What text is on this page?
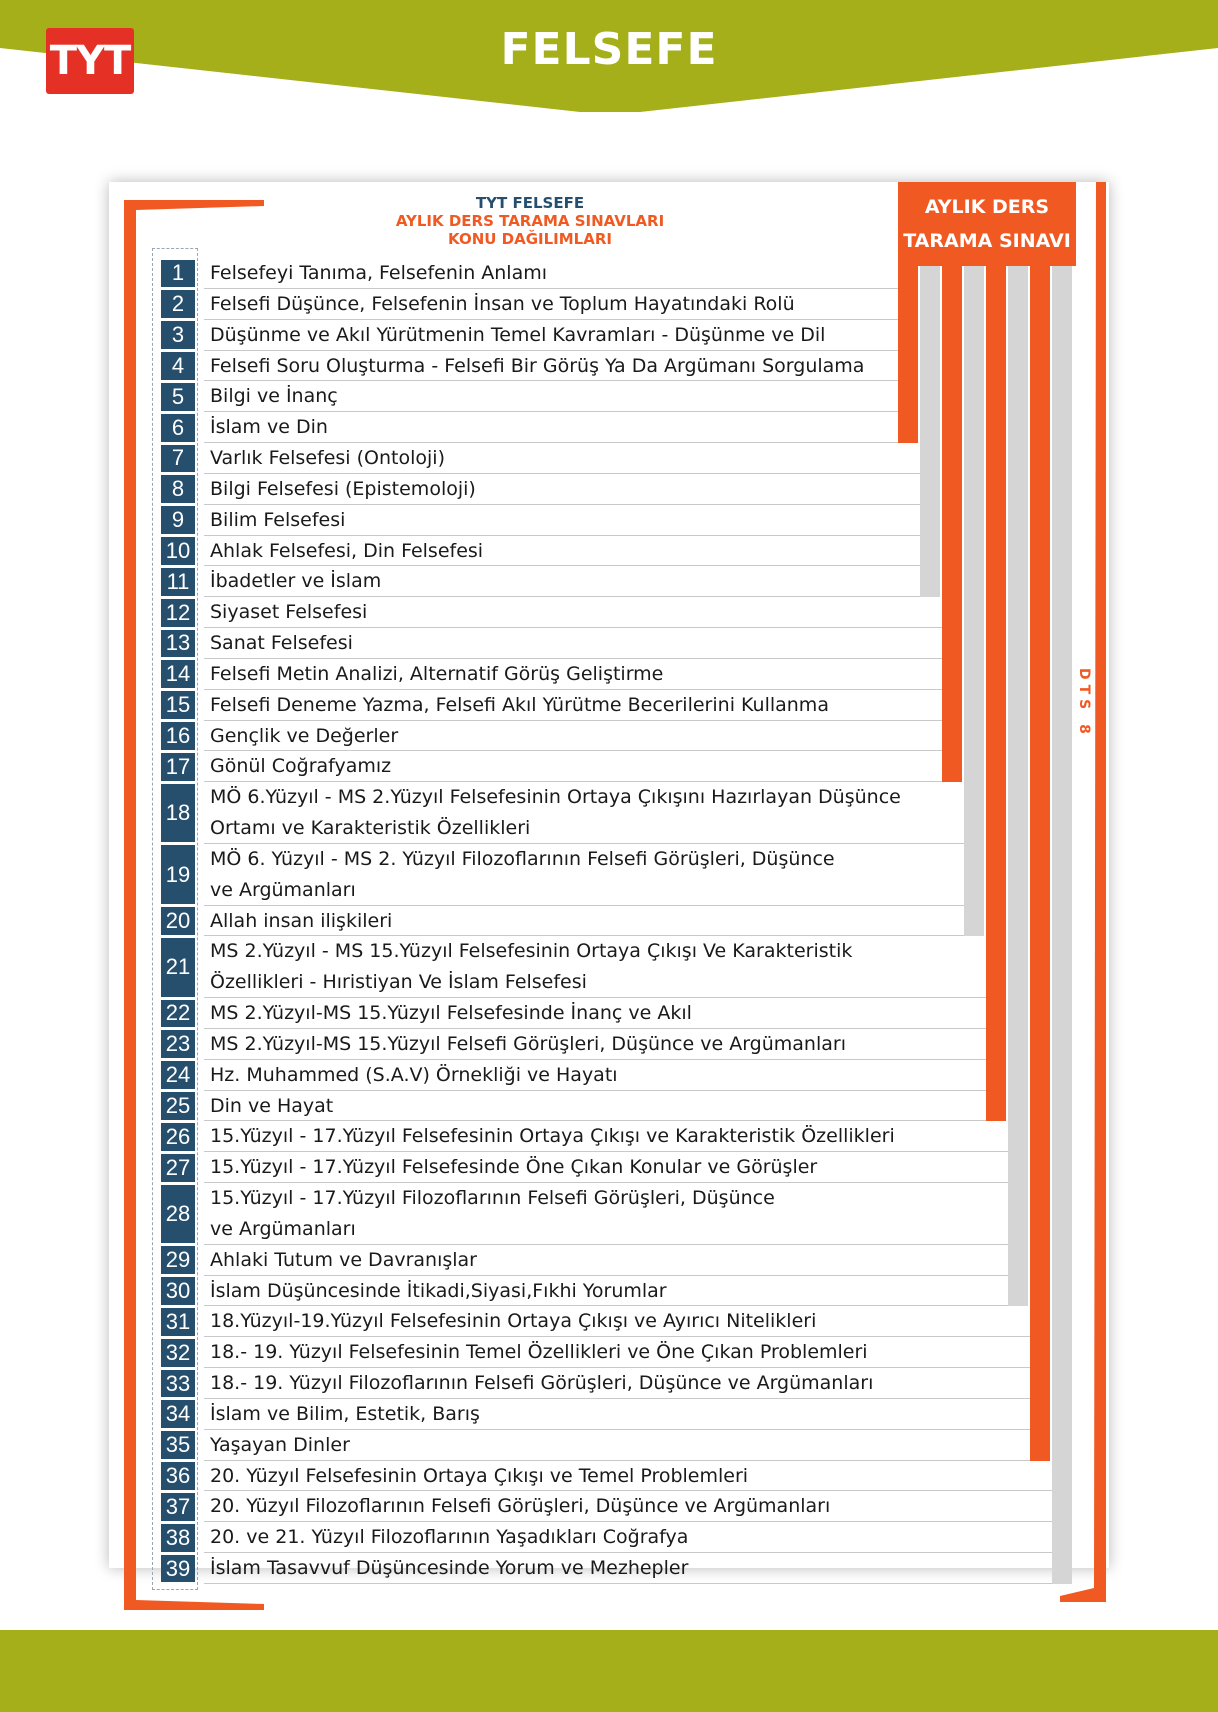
TYT	FELSEFE
TYT FELSEFE
AYLIK DERS TARAMA SINAVLARI
KONU DAĞILIMLARI
AYLIK DERS
TARAMA SINAVI
1	Felsefeyi Tanıma, Felsefenin Anlamı
2	Felsefi Düşünce, Felsefenin İnsan ve Toplum Hayatındaki Rolü
3	Düşünme ve Akıl Yürütmenin Temel Kavramları - Düşünme ve Dil
4	Felsefi Soru Oluşturma - Felsefi Bir Görüş Ya Da Argümanı Sorgulama
5	Bilgi ve İnanç
6	İslam ve Din
7	Varlık Felsefesi (Ontoloji)
8	Bilgi Felsefesi (Epistemoloji)
9	Bilim Felsefesi
10 Ahlak Felsefesi, Din Felsefesi
11 İbadetler ve İslam
12 Siyaset Felsefesi
13 Sanat Felsefesi
14 Felsefi Metin Analizi, Alternatif Görüş Geliştirme
15 Felsefi Deneme Yazma, Felsefi Akıl Yürütme Becerilerini Kullanma
16 Gençlik ve Değerler
17 Gönül Coğrafyamız
18
MÖ 6.Yüzyıl - MS 2.Yüzyıl Felsefesinin Ortaya Çıkışını Hazırlayan Düşünce
Ortamı ve Karakteristik Özellikleri
19
MÖ 6. Yüzyıl - MS 2. Yüzyıl Filozoflarının Felsefi Görüşleri, Düşünce
ve Argümanları
20 Allah insan ilişkileri
21
MS 2.Yüzyıl - MS 15.Yüzyıl Felsefesinin Ortaya Çıkışı Ve Karakteristik
Özellikleri - Hıristiyan Ve İslam Felsefesi
22 MS 2.Yüzyıl-MS 15.Yüzyıl Felsefesinde İnanç ve Akıl
23 MS 2.Yüzyıl-MS 15.Yüzyıl Felsefi Görüşleri, Düşünce ve Argümanları
24 Hz. Muhammed (S.A.V) Örnekliği ve Hayatı
25 Din ve Hayat
26 15.Yüzyıl - 17.Yüzyıl Felsefesinin Ortaya Çıkışı ve Karakteristik Özellikleri
27 15.Yüzyıl - 17.Yüzyıl Felsefesinde Öne Çıkan Konular ve Görüşler
28
15.Yüzyıl - 17.Yüzyıl Filozoflarının Felsefi Görüşleri, Düşünce
ve Argümanları
29 Ahlaki Tutum ve Davranışlar
30 İslam Düşüncesinde İtikadi,Siyasi,Fıkhi Yorumlar
31 18.Yüzyıl-19.Yüzyıl Felsefesinin Ortaya Çıkışı ve Ayırıcı Nitelikleri
32 18.- 19. Yüzyıl Felsefesinin Temel Özellikleri ve Öne Çıkan Problemleri
33 18.- 19. Yüzyıl Filozoflarının Felsefi Görüşleri, Düşünce ve Argümanları
34 İslam ve Bilim, Estetik, Barış
35 Yaşayan Dinler
36 20. Yüzyıl Felsefesinin Ortaya Çıkışı ve Temel Problemleri
37 20. Yüzyıl Filozoflarının Felsefi Görüşleri, Düşünce ve Argümanları
38 20. ve 21. Yüzyıl Filozoflarının Yaşadıkları Coğrafya
39 İslam Tasavvuf Düşüncesinde Yorum ve Mezhepler
DTS 8
